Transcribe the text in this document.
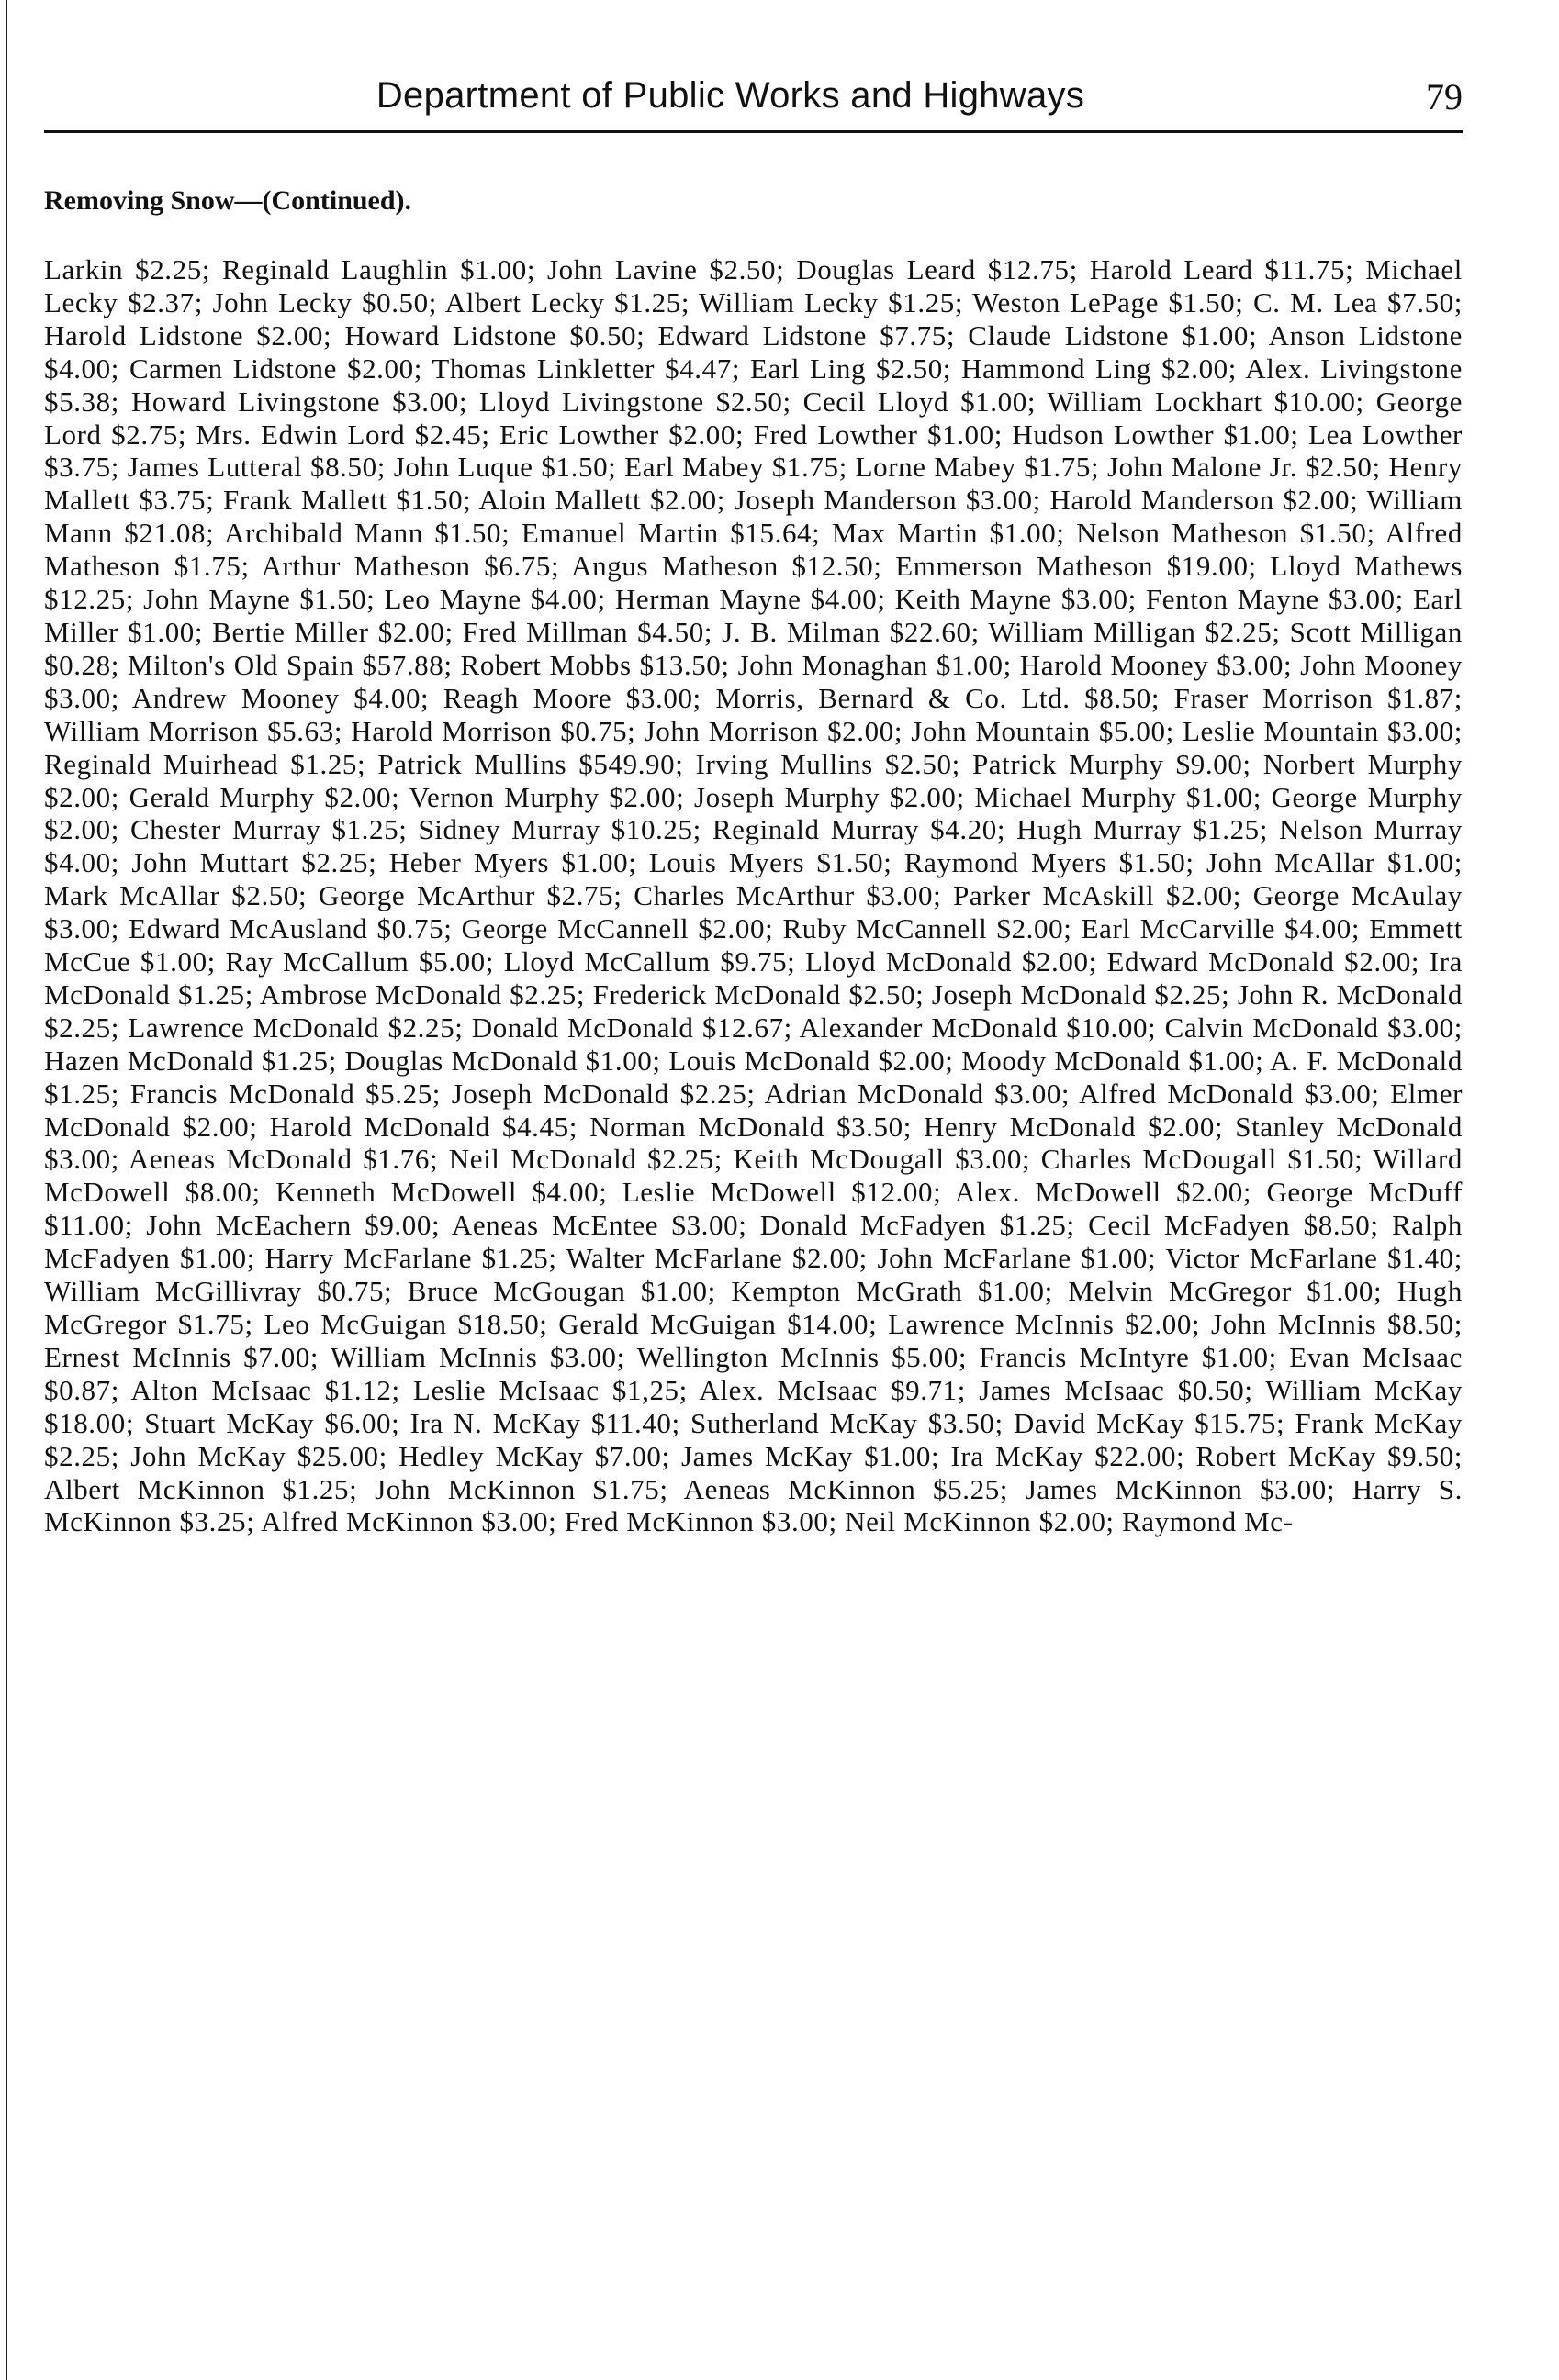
Department of Public Works and Highways	79
Removing Snow—(Continued).
Larkin $2.25; Reginald Laughlin $1.00; John Lavine $2.50; Douglas Leard $12.75; Harold Leard $11.75; Michael Lecky $2.37; John Lecky $0.50; Albert Lecky $1.25; William Lecky $1.25; Weston LePage $1.50; C. M. Lea $7.50; Harold Lidstone $2.00; Howard Lidstone $0.50; Edward Lidstone $7.75; Claude Lidstone $1.00; Anson Lidstone $4.00; Carmen Lidstone $2.00; Thomas Linkletter $4.47; Earl Ling $2.50; Hammond Ling $2.00; Alex. Livingstone $5.38; Howard Livingstone $3.00; Lloyd Livingstone $2.50; Cecil Lloyd $1.00; William Lockhart $10.00; George Lord $2.75; Mrs. Edwin Lord $2.45; Eric Lowther $2.00; Fred Lowther $1.00; Hudson Lowther $1.00; Lea Lowther $3.75; James Lutteral $8.50; John Luque $1.50; Earl Mabey $1.75; Lorne Mabey $1.75; John Malone Jr. $2.50; Henry Mallett $3.75; Frank Mallett $1.50; Aloin Mallett $2.00; Joseph Manderson $3.00; Harold Manderson $2.00; William Mann $21.08; Archibald Mann $1.50; Emanuel Martin $15.64; Max Martin $1.00; Nelson Matheson $1.50; Alfred Matheson $1.75; Arthur Matheson $6.75; Angus Matheson $12.50; Emmerson Matheson $19.00; Lloyd Mathews $12.25; John Mayne $1.50; Leo Mayne $4.00; Herman Mayne $4.00; Keith Mayne $3.00; Fenton Mayne $3.00; Earl Miller $1.00; Bertie Miller $2.00; Fred Millman $4.50; J. B. Milman $22.60; William Milligan $2.25; Scott Milligan $0.28; Milton's Old Spain $57.88; Robert Mobbs $13.50; John Monaghan $1.00; Harold Mooney $3.00; John Mooney $3.00; Andrew Mooney $4.00; Reagh Moore $3.00; Morris, Bernard & Co. Ltd. $8.50; Fraser Morrison $1.87; William Morrison $5.63; Harold Morrison $0.75; John Morrison $2.00; John Mountain $5.00; Leslie Mountain $3.00; Reginald Muirhead $1.25; Patrick Mullins $549.90; Irving Mullins $2.50; Patrick Murphy $9.00; Norbert Murphy $2.00; Gerald Murphy $2.00; Vernon Murphy $2.00; Joseph Murphy $2.00; Michael Murphy $1.00; George Murphy $2.00; Chester Murray $1.25; Sidney Murray $10.25; Reginald Murray $4.20; Hugh Murray $1.25; Nelson Murray $4.00; John Muttart $2.25; Heber Myers $1.00; Louis Myers $1.50; Raymond Myers $1.50; John McAllar $1.00; Mark McAllar $2.50; George McArthur $2.75; Charles McArthur $3.00; Parker McAskill $2.00; George McAulay $3.00; Edward McAusland $0.75; George McCannell $2.00; Ruby McCannell $2.00; Earl McCarville $4.00; Emmett McCue $1.00; Ray McCallum $5.00; Lloyd McCallum $9.75; Lloyd McDonald $2.00; Edward McDonald $2.00; Ira McDonald $1.25; Ambrose McDonald $2.25; Frederick McDonald $2.50; Joseph McDonald $2.25; John R. McDonald $2.25; Lawrence McDonald $2.25; Donald McDonald $12.67; Alexander McDonald $10.00; Calvin McDonald $3.00; Hazen McDonald $1.25; Douglas McDonald $1.00; Louis McDonald $2.00; Moody McDonald $1.00; A. F. McDonald $1.25; Francis McDonald $5.25; Joseph McDonald $2.25; Adrian McDonald $3.00; Alfred McDonald $3.00; Elmer McDonald $2.00; Harold McDonald $4.45; Norman McDonald $3.50; Henry McDonald $2.00; Stanley McDonald $3.00; Aeneas McDonald $1.76; Neil McDonald $2.25; Keith McDougall $3.00; Charles McDougall $1.50; Willard McDowell $8.00; Kenneth McDowell $4.00; Leslie McDowell $12.00; Alex. McDowell $2.00; George McDuff $11.00; John McEachern $9.00; Aeneas McEntee $3.00; Donald McFadyen $1.25; Cecil McFadyen $8.50; Ralph McFadyen $1.00; Harry McFarlane $1.25; Walter McFarlane $2.00; John McFarlane $1.00; Victor McFarlane $1.40; William McGillivray $0.75; Bruce McGougan $1.00; Kempton McGrath $1.00; Melvin McGregor $1.00; Hugh McGregor $1.75; Leo McGuigan $18.50; Gerald McGuigan $14.00; Lawrence McInnis $2.00; John McInnis $8.50; Ernest McInnis $7.00; William McInnis $3.00; Wellington McInnis $5.00; Francis McIntyre $1.00; Evan McIsaac $0.87; Alton McIsaac $1.12; Leslie McIsaac $1,25; Alex. McIsaac $9.71; James McIsaac $0.50; William McKay $18.00; Stuart McKay $6.00; Ira N. McKay $11.40; Sutherland McKay $3.50; David McKay $15.75; Frank McKay $2.25; John McKay $25.00; Hedley McKay $7.00; James McKay $1.00; Ira McKay $22.00; Robert McKay $9.50; Albert McKinnon $1.25; John McKinnon $1.75; Aeneas McKinnon $5.25; James McKinnon $3.00; Harry S. McKinnon $3.25; Alfred McKinnon $3.00; Fred McKinnon $3.00; Neil McKinnon $2.00; Raymond Mc-
